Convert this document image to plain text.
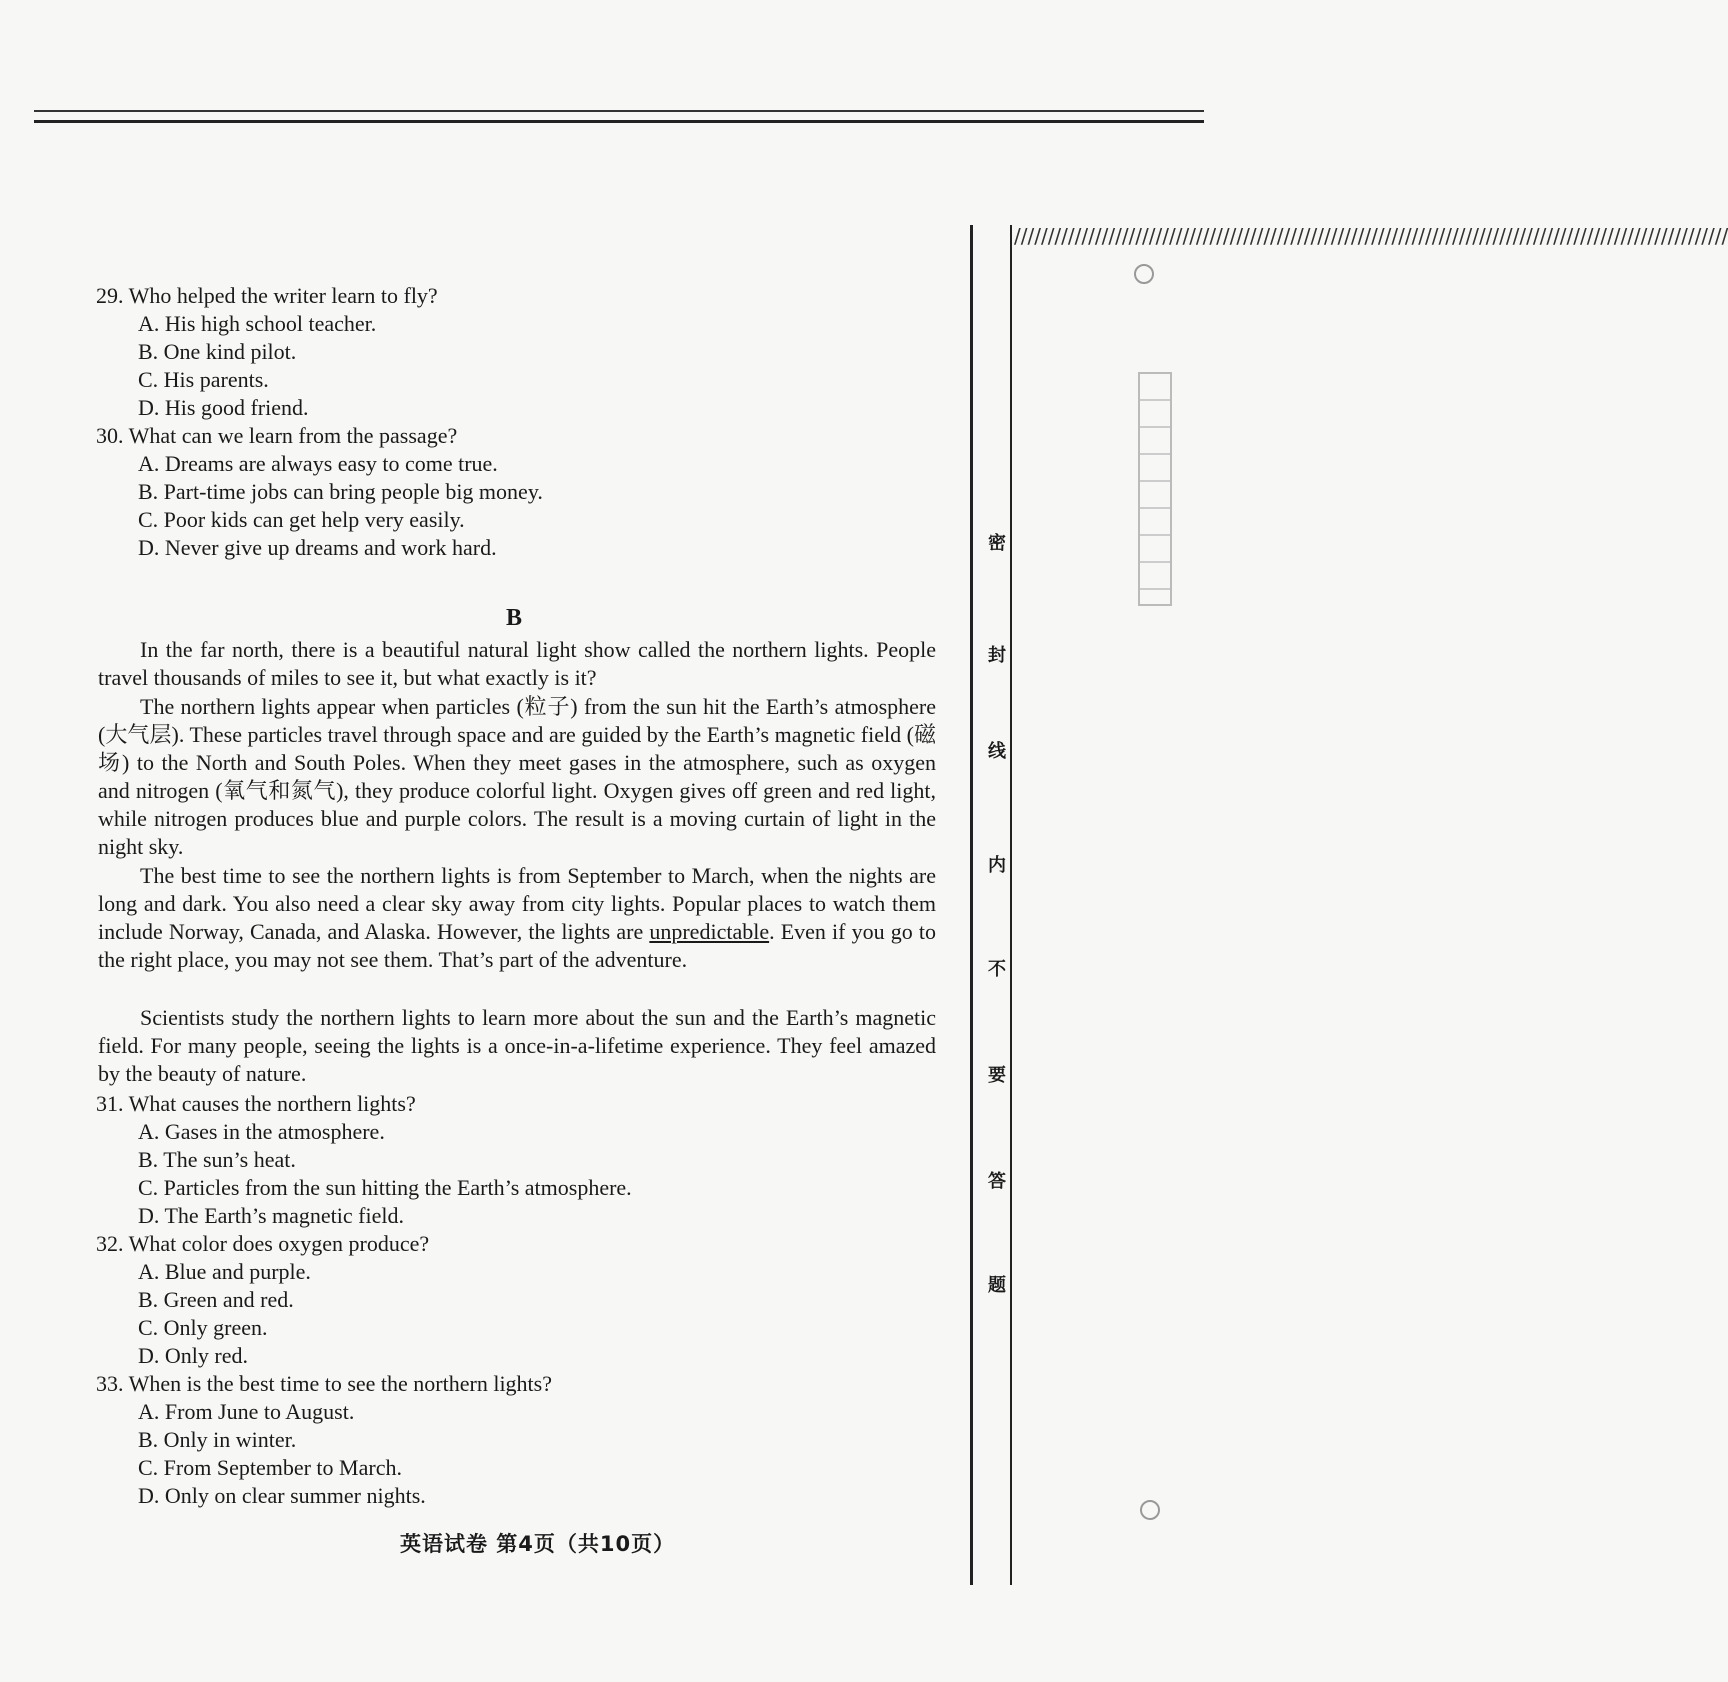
29. Who helped the writer learn to fly?
A. His high school teacher.
B. One kind pilot.
C. His parents.
D. His good friend.
30. What can we learn from the passage?
A. Dreams are always easy to come true.
B. Part-time jobs can bring people big money.
C. Poor kids can get help very easily.
D. Never give up dreams and work hard.
B
In the far north, there is a beautiful natural light show called the northern lights. People travel thousands of miles to see it, but what exactly is it?
The northern lights appear when particles (粒子) from the sun hit the Earth’s atmosphere (大气层). These particles travel through space and are guided by the Earth’s magnetic field (磁场) to the North and South Poles. When they meet gases in the atmosphere, such as oxygen and nitrogen (氧气和氮气), they produce colorful light. Oxygen gives off green and red light, while nitrogen produces blue and purple colors. The result is a moving curtain of light in the night sky.
The best time to see the northern lights is from September to March, when the nights are long and dark. You also need a clear sky away from city lights. Popular places to watch them include Norway, Canada, and Alaska. However, the lights are unpredictable. Even if you go to the right place, you may not see them. That’s part of the adventure.
Scientists study the northern lights to learn more about the sun and the Earth’s magnetic field. For many people, seeing the lights is a once-in-a-lifetime experience. They feel amazed by the beauty of nature.
31. What causes the northern lights?
A. Gases in the atmosphere.
B. The sun’s heat.
C. Particles from the sun hitting the Earth’s atmosphere.
D. The Earth’s magnetic field.
32. What color does oxygen produce?
A. Blue and purple.
B. Green and red.
C. Only green.
D. Only red.
33. When is the best time to see the northern lights?
A. From June to August.
B. Only in winter.
C. From September to March.
D. Only on clear summer nights.
英语试卷 第4页（共10页）
//////////////////////////////////////////////////////////////////////////////////////////////////////////
密
封
线
内
不
要
答
题
